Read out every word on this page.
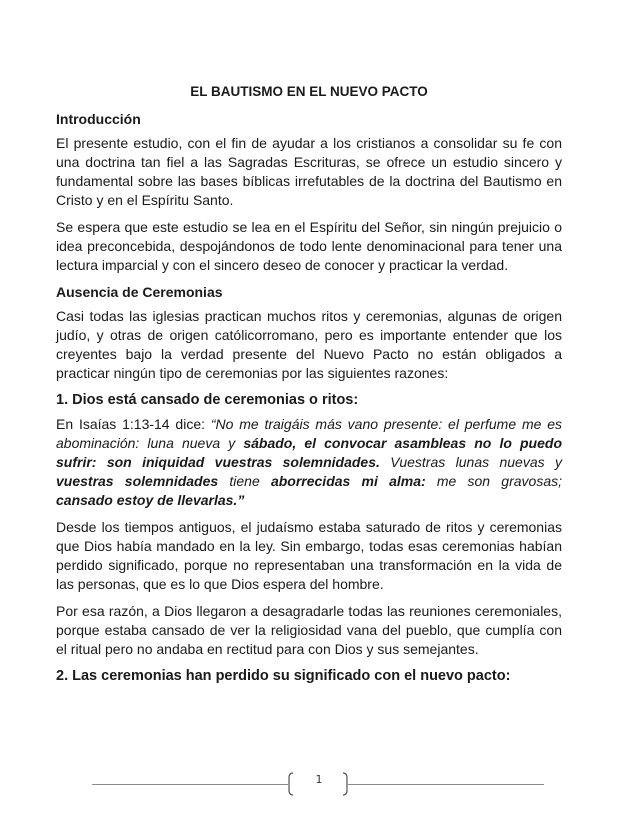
EL BAUTISMO EN EL NUEVO PACTO
Introducción

El presente estudio, con el fin de ayudar a los cristianos a consolidar su fe con una doctrina tan fiel a las Sagradas Escrituras, se ofrece un estudio sincero y fundamental sobre las bases bíblicas irrefutables de la doctrina del Bautismo en Cristo y en el Espíritu Santo.

Se espera que este estudio se lea en el Espíritu del Señor, sin ningún prejuicio o idea preconcebida, despojándonos de todo lente denominacional para tener una lectura imparcial y con el sincero deseo de conocer y practicar la verdad.

Ausencia de Ceremonias

Casi todas las iglesias practican muchos ritos y ceremonias, algunas de origen judío, y otras de origen católicorromano, pero es importante entender que los creyentes bajo la verdad presente del Nuevo Pacto no están obligados a practicar ningún tipo de ceremonias por las siguientes razones:

1. Dios está cansado de ceremonias o ritos:

En Isaías 1:13-14 dice: “No me traigáis más vano presente: el perfume me es abominación: luna nueva y sábado, el convocar asambleas no lo puedo sufrir: son iniquidad vuestras solemnidades. Vuestras lunas nuevas y vuestras solemnidades tiene aborrecidas mi alma: me son gravosas; cansado estoy de llevarlas.”

Desde los tiempos antiguos, el judaísmo estaba saturado de ritos y ceremonias que Dios había mandado en la ley. Sin embargo, todas esas ceremonias habían perdido significado, porque no representaban una transformación en la vida de las personas, que es lo que Dios espera del hombre.

Por esa razón, a Dios llegaron a desagradarle todas las reuniones ceremoniales, porque estaba cansado de ver la religiosidad vana del pueblo, que cumplía con el ritual pero no andaba en rectitud para con Dios y sus semejantes.

2. Las ceremonias han perdido su significado con el nuevo pacto:
1
